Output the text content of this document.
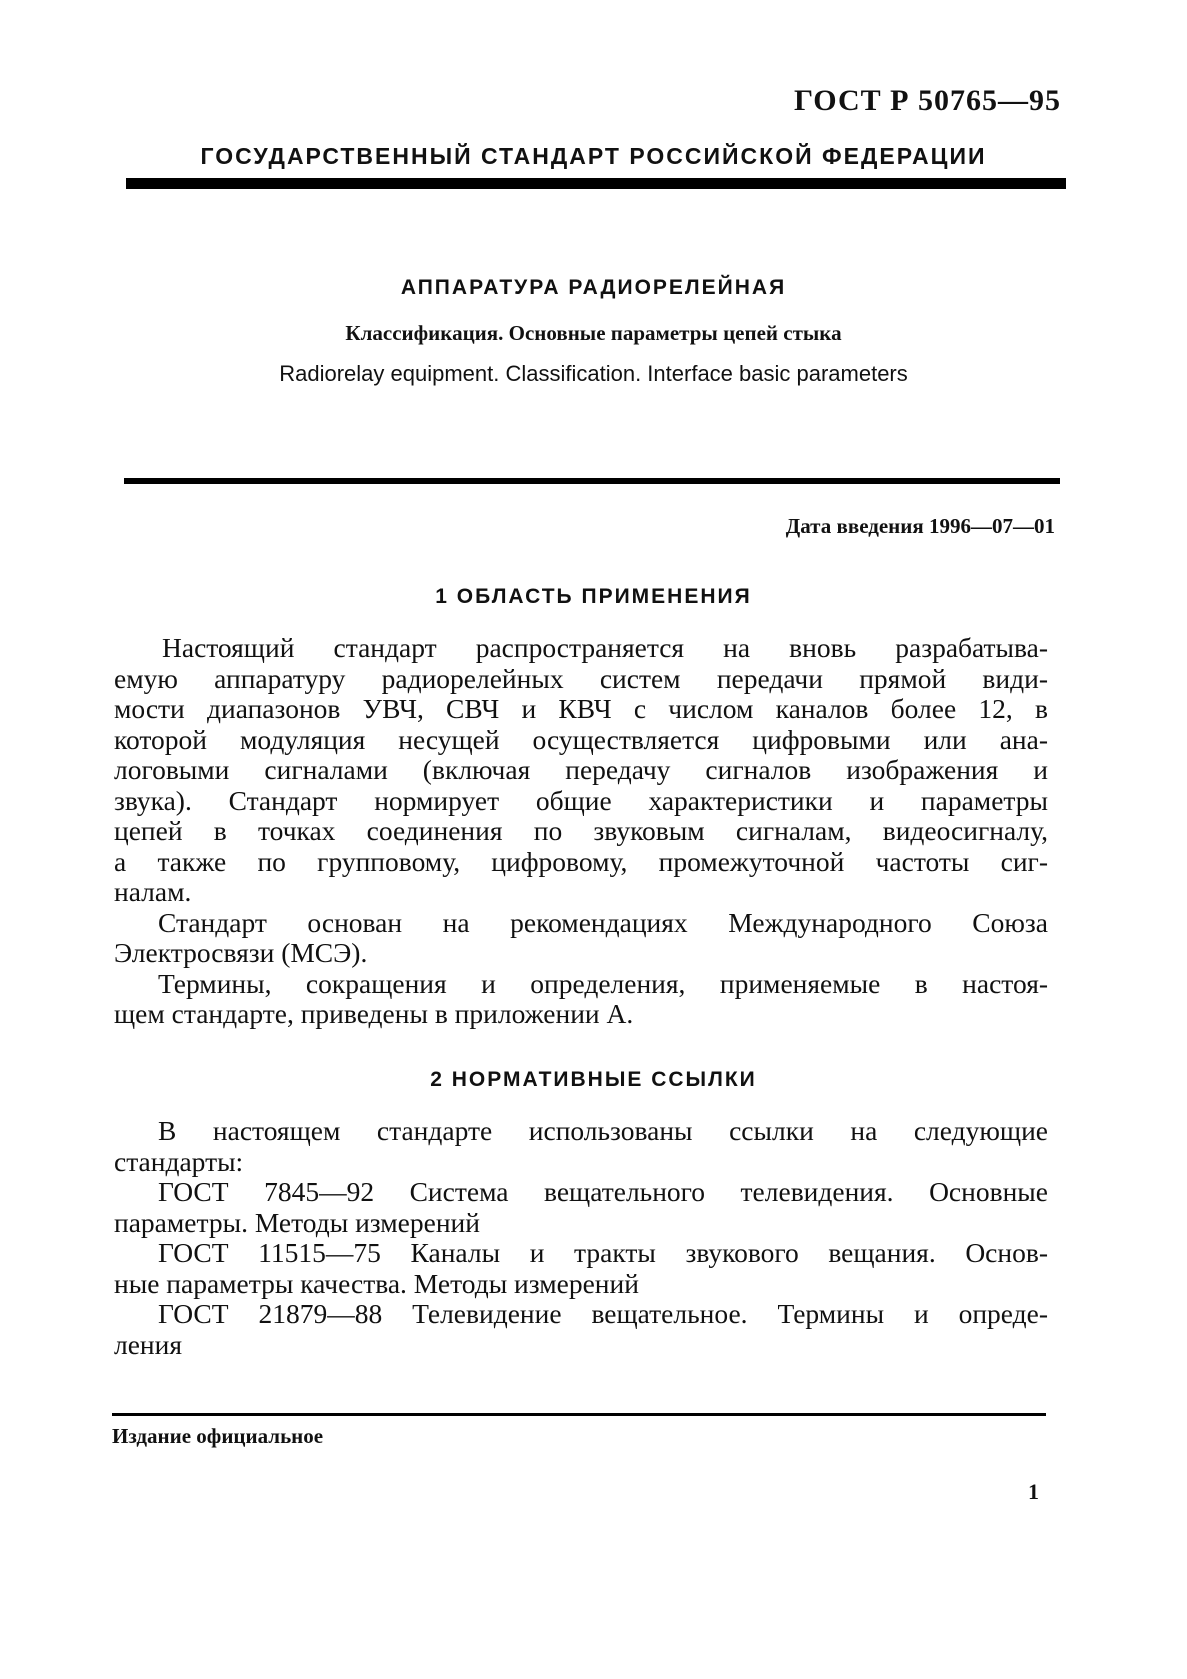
ГОСТ Р 50765—95
ГОСУДАРСТВЕННЫЙ СТАНДАРТ РОССИЙСКОЙ ФЕДЕРАЦИИ
АППАРАТУРА РАДИОРЕЛЕЙНАЯ
Классификация. Основные параметры цепей стыка
Radiorelay equipment. Classification. Interface basic parameters
Дата введения 1996—07—01
1 ОБЛАСТЬ ПРИМЕНЕНИЯ
Настоящий стандарт распространяется на вновь разрабатыва-
емую аппаратуру радиорелейных систем передачи прямой види-
мости диапазонов УВЧ, СВЧ и КВЧ с числом каналов более 12, в
которой модуляция несущей осуществляется цифровыми или ана-
логовыми сигналами (включая передачу сигналов изображения и
звука). Стандарт нормирует общие характеристики и параметры
цепей в точках соединения по звуковым сигналам, видеосигналу,
а также по групповому, цифровому, промежуточной частоты сиг-
налам.
Стандарт основан на рекомендациях Международного Союза
Электросвязи (МСЭ).
Термины, сокращения и определения, применяемые в настоя-
щем стандарте, приведены в приложении А.
2 НОРМАТИВНЫЕ ССЫЛКИ
В настоящем стандарте использованы ссылки на следующие
стандарты:
ГОСТ 7845—92 Система вещательного телевидения. Основные
параметры. Методы измерений
ГОСТ 11515—75 Каналы и тракты звукового вещания. Основ-
ные параметры качества. Методы измерений
ГОСТ 21879—88 Телевидение вещательное. Термины и опреде-
ления
Издание официальное
1
